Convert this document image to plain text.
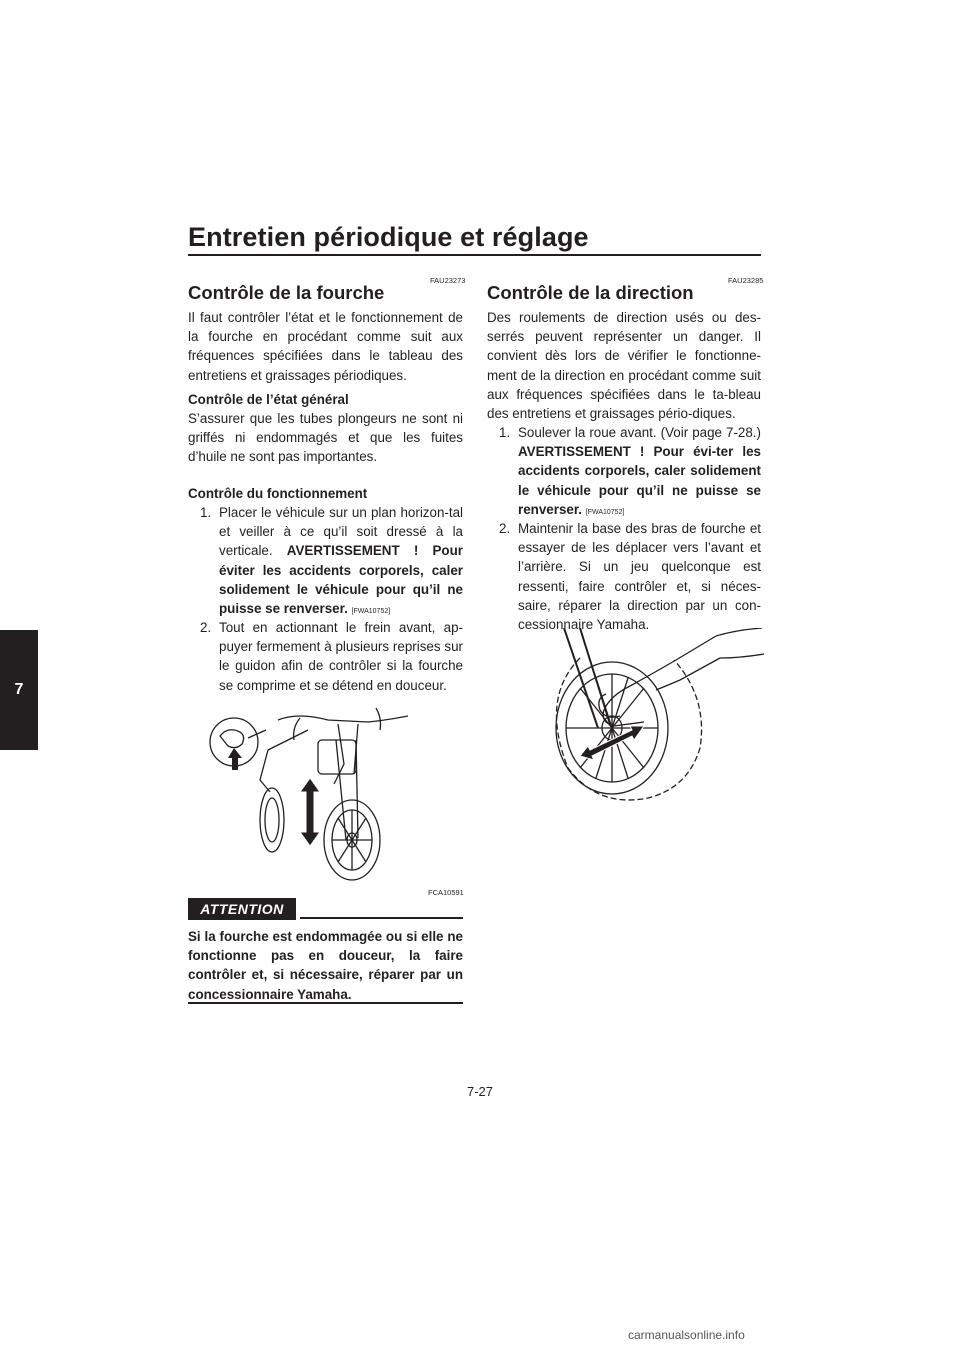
Entretien périodique et réglage
7
FAU23273
Contrôle de la fourche
Il faut contrôler l’état et le fonctionnement de la fourche en procédant comme suit aux fréquences spécifiées dans le tableau des entretiens et graissages périodiques.
Contrôle de l’état général
S’assurer que les tubes plongeurs ne sont ni griffés ni endommagés et que les fuites d’huile ne sont pas importantes.
Contrôle du fonctionnement
1. Placer le véhicule sur un plan horizon-tal et veiller à ce qu’il soit dressé à la verticale. AVERTISSEMENT ! Pour éviter les accidents corporels, caler solidement le véhicule pour qu’il ne puisse se renverser. [FWA10752]
2. Tout en actionnant le frein avant, ap-puyer fermement à plusieurs reprises sur le guidon afin de contrôler si la fourche se comprime et se détend en douceur.
FCA10591
ATTENTION
Si la fourche est endommagée ou si elle ne fonctionne pas en douceur, la faire contrôler et, si nécessaire, réparer par un concessionnaire Yamaha.
FAU23285
Contrôle de la direction
Des roulements de direction usés ou des-serrés peuvent représenter un danger. Il convient dès lors de vérifier le fonctionne-ment de la direction en procédant comme suit aux fréquences spécifiées dans le ta-bleau des entretiens et graissages pério-diques.
1. Soulever la roue avant. (Voir page 7-28.) AVERTISSEMENT ! Pour évi-ter les accidents corporels, caler solidement le véhicule pour qu’il ne puisse se renverser. [FWA10752]
2. Maintenir la base des bras de fourche et essayer de les déplacer vers l’avant et l’arrière. Si un jeu quelconque est ressenti, faire contrôler et, si néces-saire, réparer la direction par un con-cessionnaire Yamaha.
7-27
carmanualsonline.info
